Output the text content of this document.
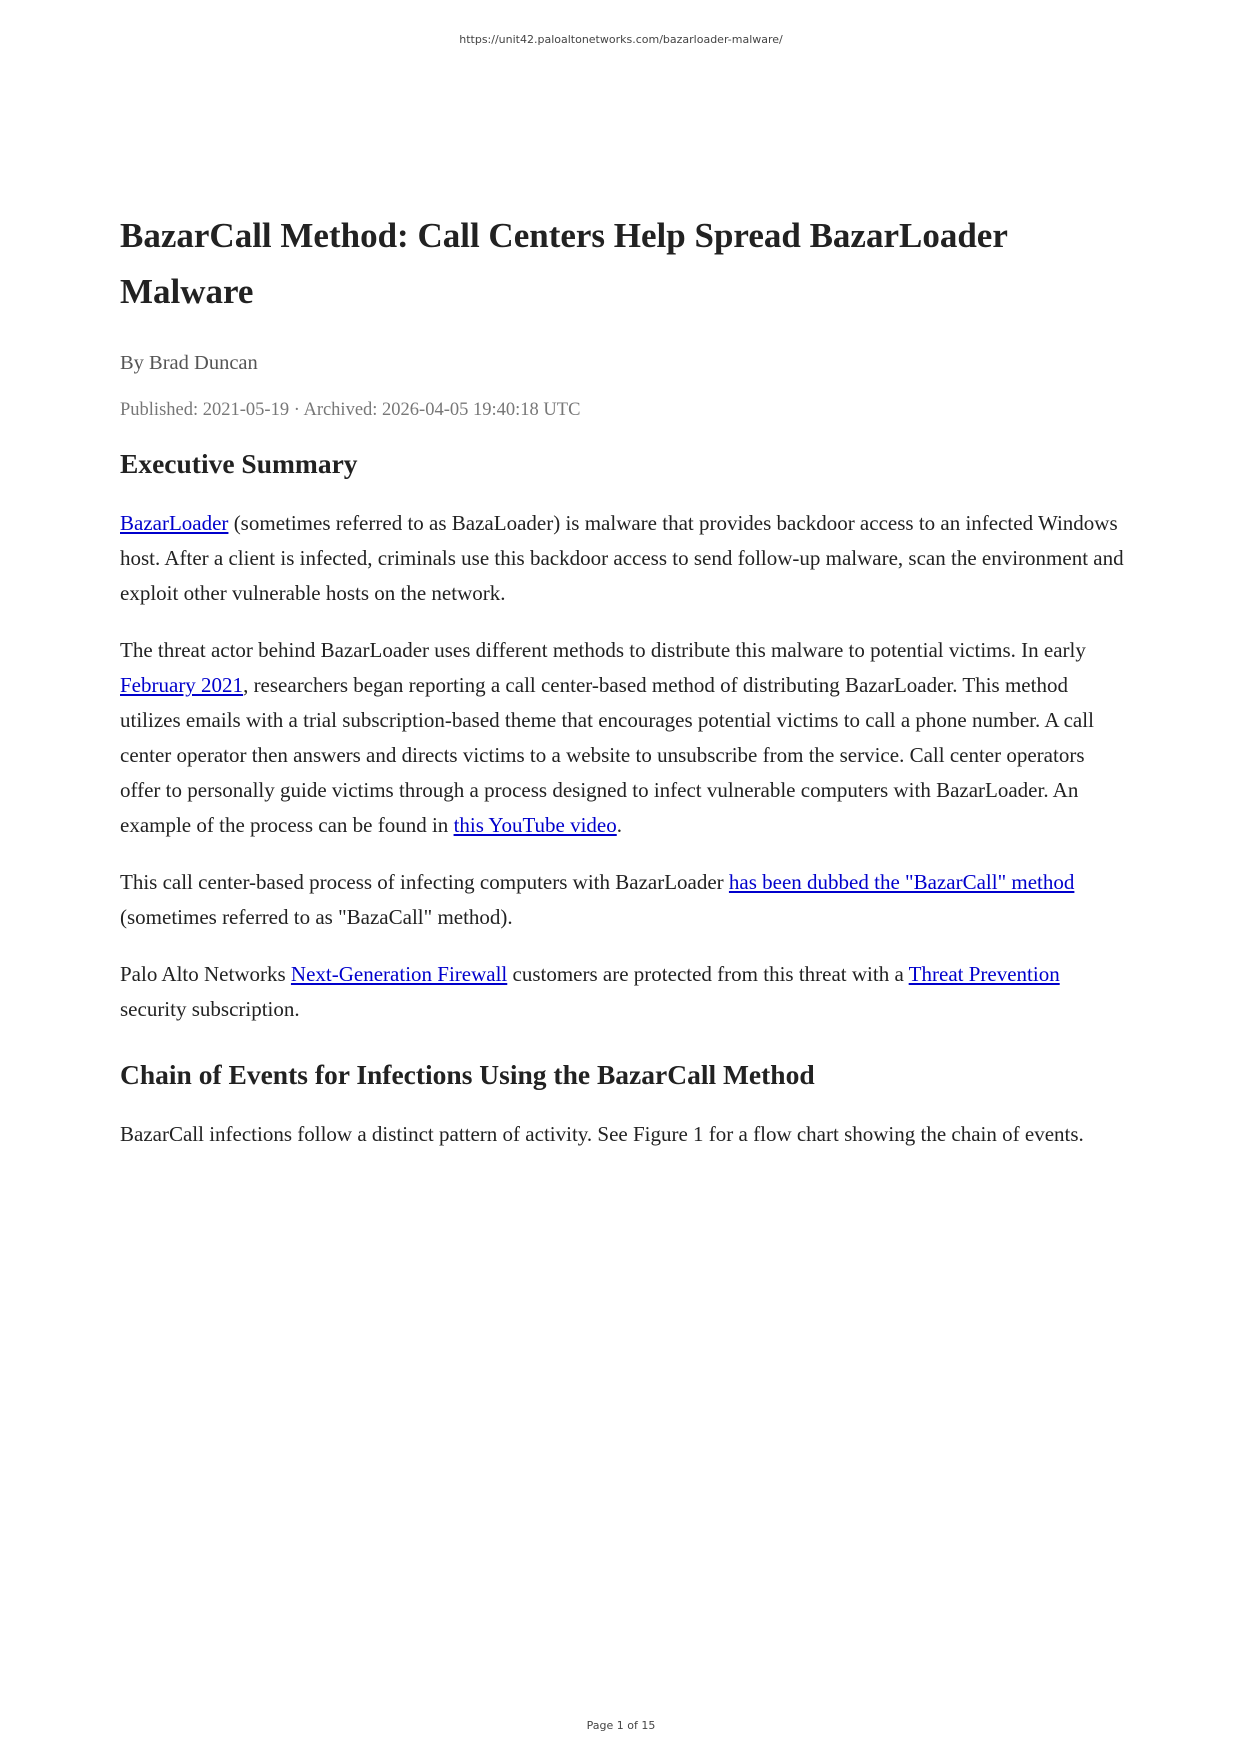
https://unit42.paloaltonetworks.com/bazarloader-malware/
BazarCall Method: Call Centers Help Spread BazarLoader Malware
By Brad Duncan
Published: 2021-05-19 · Archived: 2026-04-05 19:40:18 UTC
Executive Summary

BazarLoader (sometimes referred to as BazaLoader) is malware that provides backdoor access to an infected Windows host. After a client is infected, criminals use this backdoor access to send follow-up malware, scan the environment and exploit other vulnerable hosts on the network.

The threat actor behind BazarLoader uses different methods to distribute this malware to potential victims. In early February 2021, researchers began reporting a call center-based method of distributing BazarLoader. This method utilizes emails with a trial subscription-based theme that encourages potential victims to call a phone number. A call center operator then answers and directs victims to a website to unsubscribe from the service. Call center operators offer to personally guide victims through a process designed to infect vulnerable computers with BazarLoader. An example of the process can be found in this YouTube video.

This call center-based process of infecting computers with BazarLoader has been dubbed the "BazarCall" method (sometimes referred to as "BazaCall" method).

Palo Alto Networks Next-Generation Firewall customers are protected from this threat with a Threat Prevention security subscription.

Chain of Events for Infections Using the BazarCall Method

BazarCall infections follow a distinct pattern of activity. See Figure 1 for a flow chart showing the chain of events.

Page 1 of 15
